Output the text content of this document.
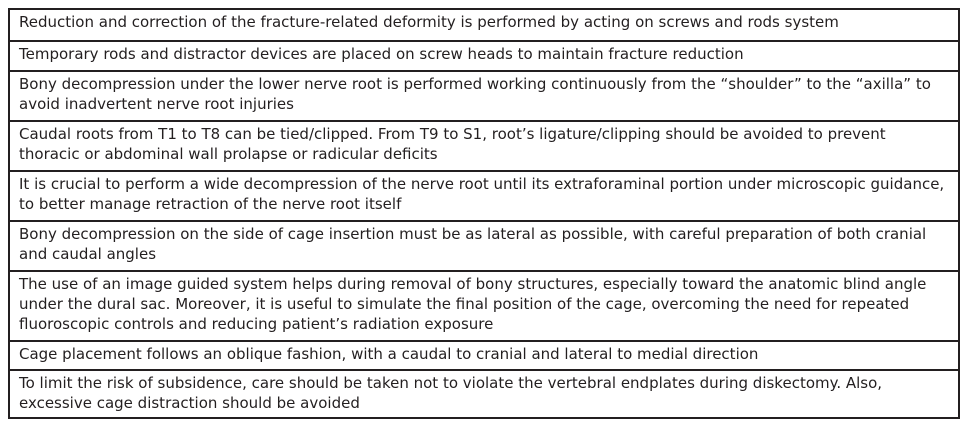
Reduction and correction of the fracture-related deformity is performed by acting on screws and rods system
Temporary rods and distractor devices are placed on screw heads to maintain fracture reduction
Bony decompression under the lower nerve root is performed working continuously from the “shoulder” to the “axilla” to avoid inadvertent nerve root injuries
Caudal roots from T1 to T8 can be tied/clipped. From T9 to S1, root’s ligature/clipping should be avoided to prevent thoracic or abdominal wall prolapse or radicular deficits
It is crucial to perform a wide decompression of the nerve root until its extraforaminal portion under microscopic guidance, to better manage retraction of the nerve root itself
Bony decompression on the side of cage insertion must be as lateral as possible, with careful preparation of both cranial and caudal angles
The use of an image guided system helps during removal of bony structures, especially toward the anatomic blind angle under the dural sac. Moreover, it is useful to simulate the final position of the cage, overcoming the need for repeated fluoroscopic controls and reducing patient’s radiation exposure
Cage placement follows an oblique fashion, with a caudal to cranial and lateral to medial direction
To limit the risk of subsidence, care should be taken not to violate the vertebral endplates during diskectomy. Also, excessive cage distraction should be avoided
